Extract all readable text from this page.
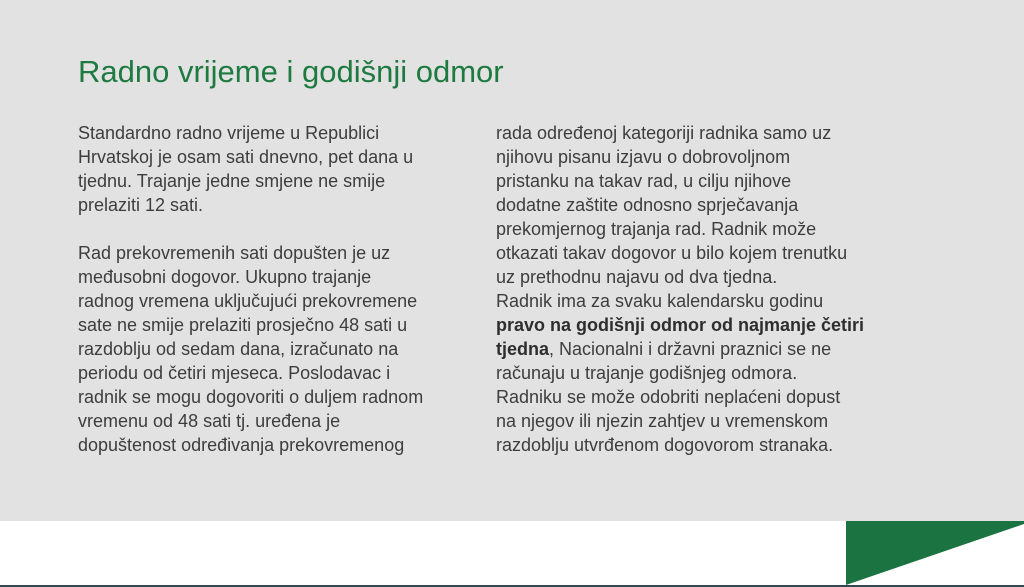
Radno vrijeme i godišnji odmor
Standardno radno vrijeme u Republici
Hrvatskoj je osam sati dnevno, pet dana u
tjednu. Trajanje jedne smjene ne smije
prelaziti 12 sati.
Rad prekovremenih sati dopušten je uz
međusobni dogovor. Ukupno trajanje
radnog vremena uključujući prekovremene
sate ne smije prelaziti prosječno 48 sati u
razdoblju od sedam dana, izračunato na
periodu od četiri mjeseca. Poslodavac i
radnik se mogu dogovoriti o duljem radnom
vremenu od 48 sati tj. uređena je
dopuštenost određivanja prekovremenog
rada određenoj kategoriji radnika samo uz
njihovu pisanu izjavu o dobrovoljnom
pristanku na takav rad, u cilju njihove
dodatne zaštite odnosno sprječavanja
prekomjernog trajanja rad. Radnik može
otkazati takav dogovor u bilo kojem trenutku
uz prethodnu najavu od dva tjedna.
Radnik ima za svaku kalendarsku godinu
pravo na godišnji odmor od najmanje četiri
tjedna, Nacionalni i državni praznici se ne
računaju u trajanje godišnjeg odmora.
Radniku se može odobriti neplaćeni dopust
na njegov ili njezin zahtjev u vremenskom
razdoblju utvrđenom dogovorom stranaka.
